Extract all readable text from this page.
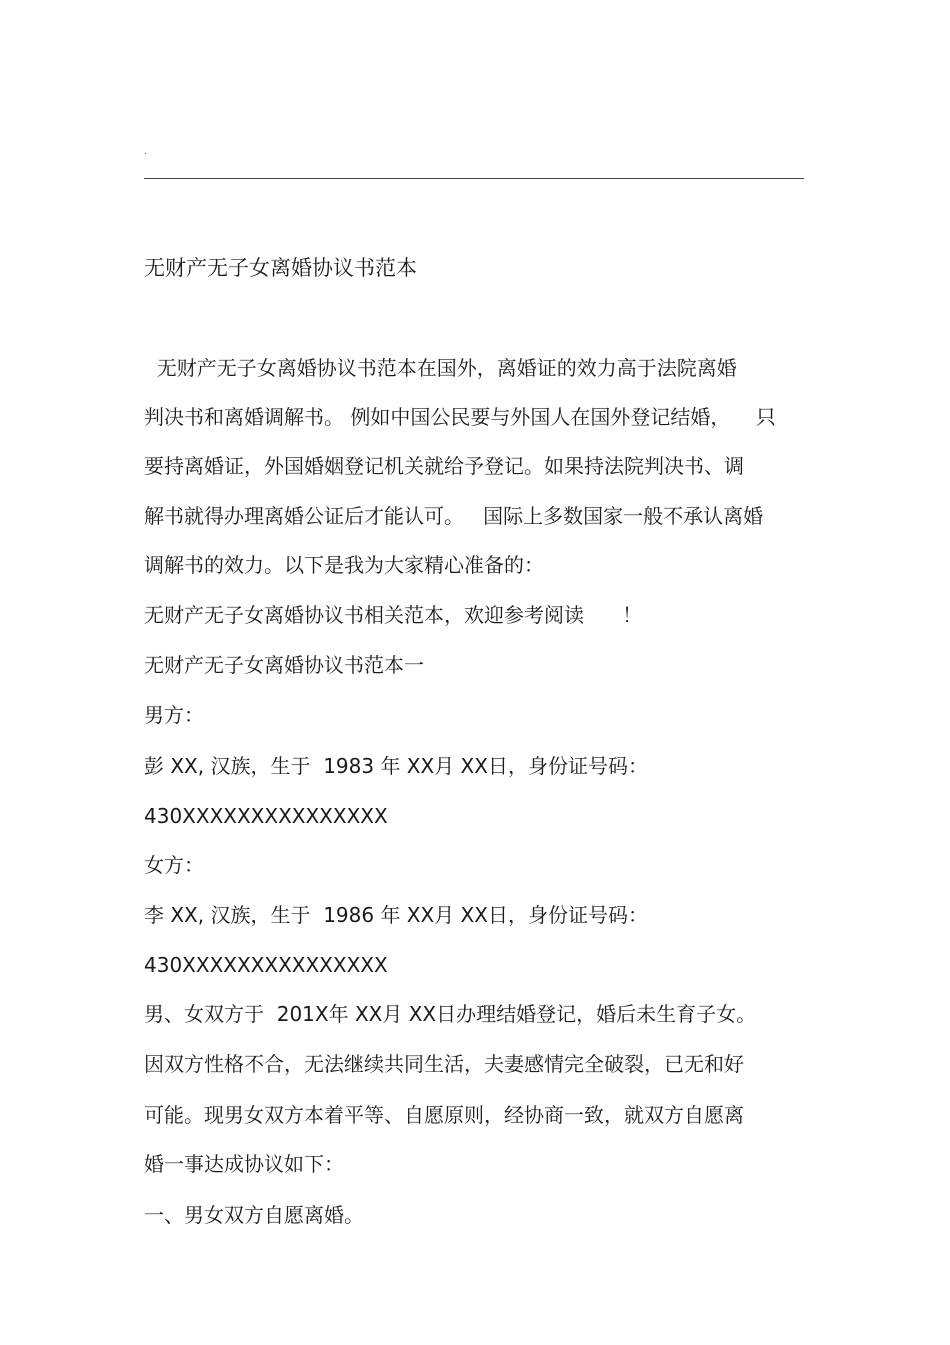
.
无财产无子女离婚协议书范本
无财产无子女离婚协议书范本在国外，离婚证的效力高于法院离婚
判决书和离婚调解书。 例如中国公民要与外国人在国外登记结婚，    只
要持离婚证，外国婚姻登记机关就给予登记。如果持法院判决书、调
解书就得办理离婚公证后才能认可。   国际上多数国家一般不承认离婚
调解书的效力。以下是我为大家精心准备的：
无财产无子女离婚协议书相关范本，欢迎参考阅读      ！
无财产无子女离婚协议书范本一
男方：
彭 XX, 汉族，生于  1983 年 XX月 XX日，身份证号码：
430XXXXXXXXXXXXXXX
女方：
李 XX, 汉族，生于  1986 年 XX月 XX日，身份证号码：
430XXXXXXXXXXXXXXX
男、女双方于  201X年 XX月 XX日办理结婚登记，婚后未生育子女。
因双方性格不合，无法继续共同生活，夫妻感情完全破裂，已无和好
可能。现男女双方本着平等、自愿原则，经协商一致，就双方自愿离
婚一事达成协议如下：
一、男女双方自愿离婚。
